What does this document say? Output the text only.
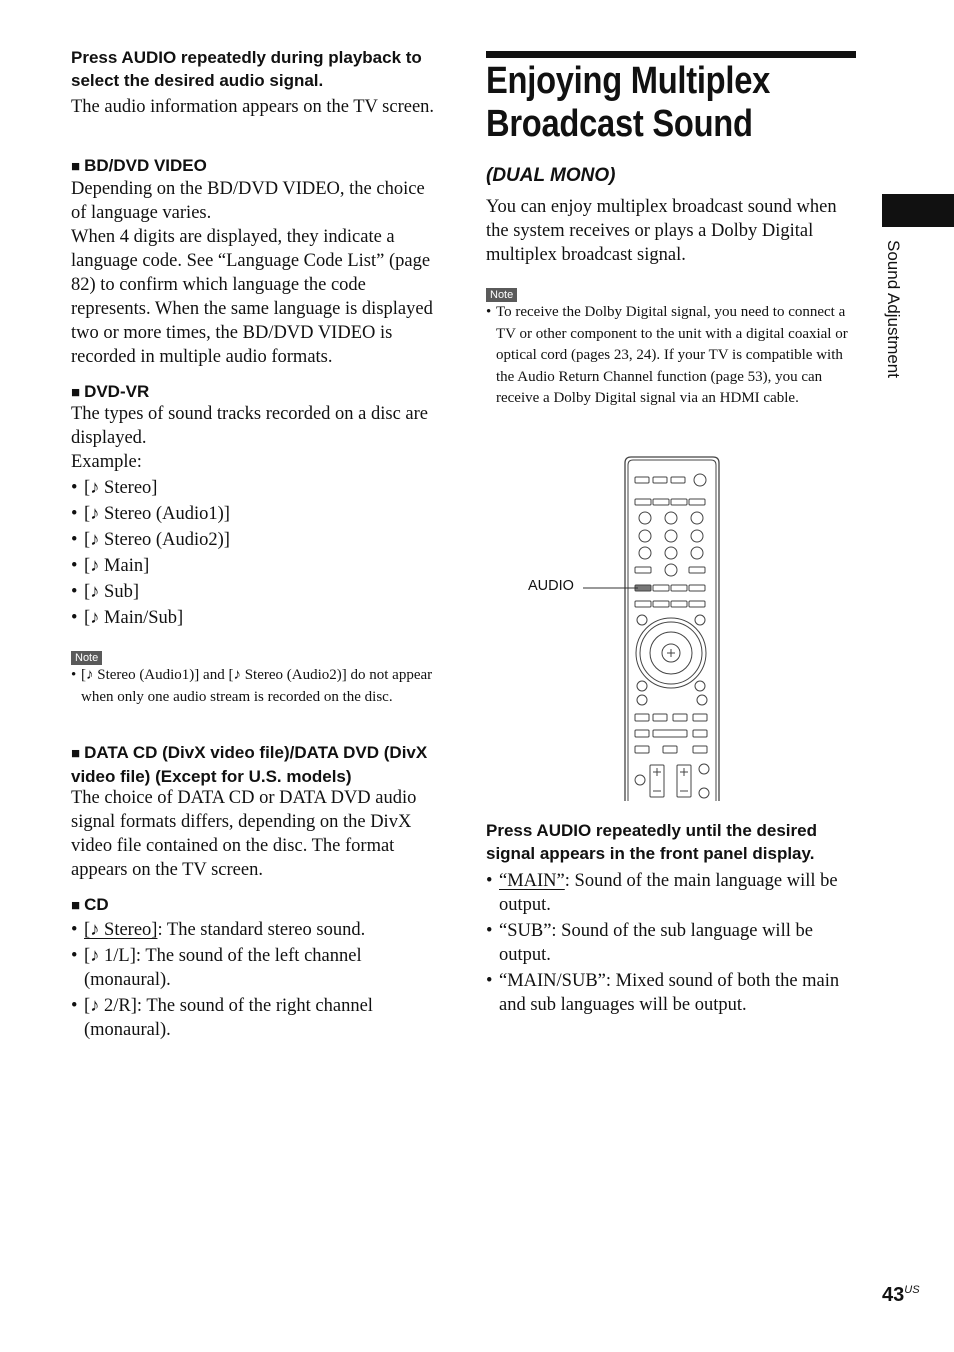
Press AUDIO repeatedly during playback to select the desired audio signal.
The audio information appears on the TV screen.
■ BD/DVD VIDEO
Depending on the BD/DVD VIDEO, the choice of language varies.
When 4 digits are displayed, they indicate a language code. See “Language Code List” (page 82) to confirm which language the code represents. When the same language is displayed two or more times, the BD/DVD VIDEO is recorded in multiple audio formats.
■ DVD-VR
The types of sound tracks recorded on a disc are displayed.
Example:
• [♪ Stereo]
• [♪ Stereo (Audio1)]
• [♪ Stereo (Audio2)]
• [♪ Main]
• [♪ Sub]
• [♪ Main/Sub]
Note
• [♪ Stereo (Audio1)] and [♪ Stereo (Audio2)] do not appear when only one audio stream is recorded on the disc.
■ DATA CD (DivX video file)/DATA DVD (DivX video file) (Except for U.S. models)
The choice of DATA CD or DATA DVD audio signal formats differs, depending on the DivX video file contained on the disc. The format appears on the TV screen.
■ CD
• [♪ Stereo]: The standard stereo sound.
• [♪ 1/L]: The sound of the left channel (monaural).
• [♪ 2/R]: The sound of the right channel (monaural).
Enjoying Multiplex
Broadcast Sound
(DUAL MONO)
You can enjoy multiplex broadcast sound when the system receives or plays a Dolby Digital multiplex broadcast signal.
Note
• To receive the Dolby Digital signal, you need to connect a TV or other component to the unit with a digital coaxial or optical cord (pages 23, 24). If your TV is compatible with the Audio Return Channel function (page 53), you can receive a Dolby Digital signal via an HDMI cable.
Press AUDIO repeatedly until the desired signal appears in the front panel display.
• “MAIN”: Sound of the main language will be output.
• “SUB”: Sound of the sub language will be output.
• “MAIN/SUB”: Mixed sound of both the main and sub languages will be output.
AUDIO
Sound Adjustment
$43^{US}$
